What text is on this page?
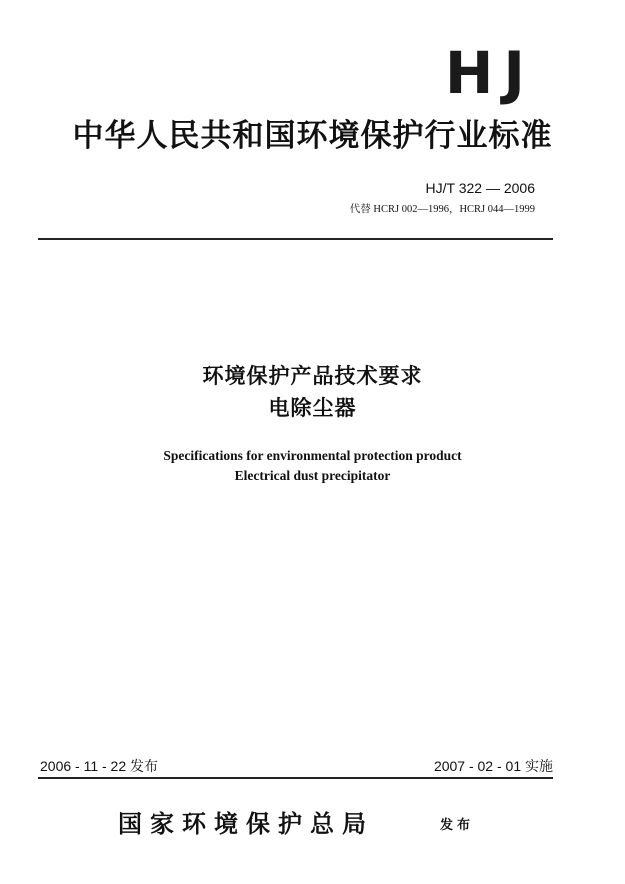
HJ
中华人民共和国环境保护行业标准
HJ/T 322 — 2006
代替 HCRJ 002—1996，HCRJ 044—1999
环境保护产品技术要求
电除尘器
Specifications for environmental protection product
Electrical dust precipitator
2006 - 11 - 22 发布	2007 - 02 - 01 实施
国家环境保护总局	发布
